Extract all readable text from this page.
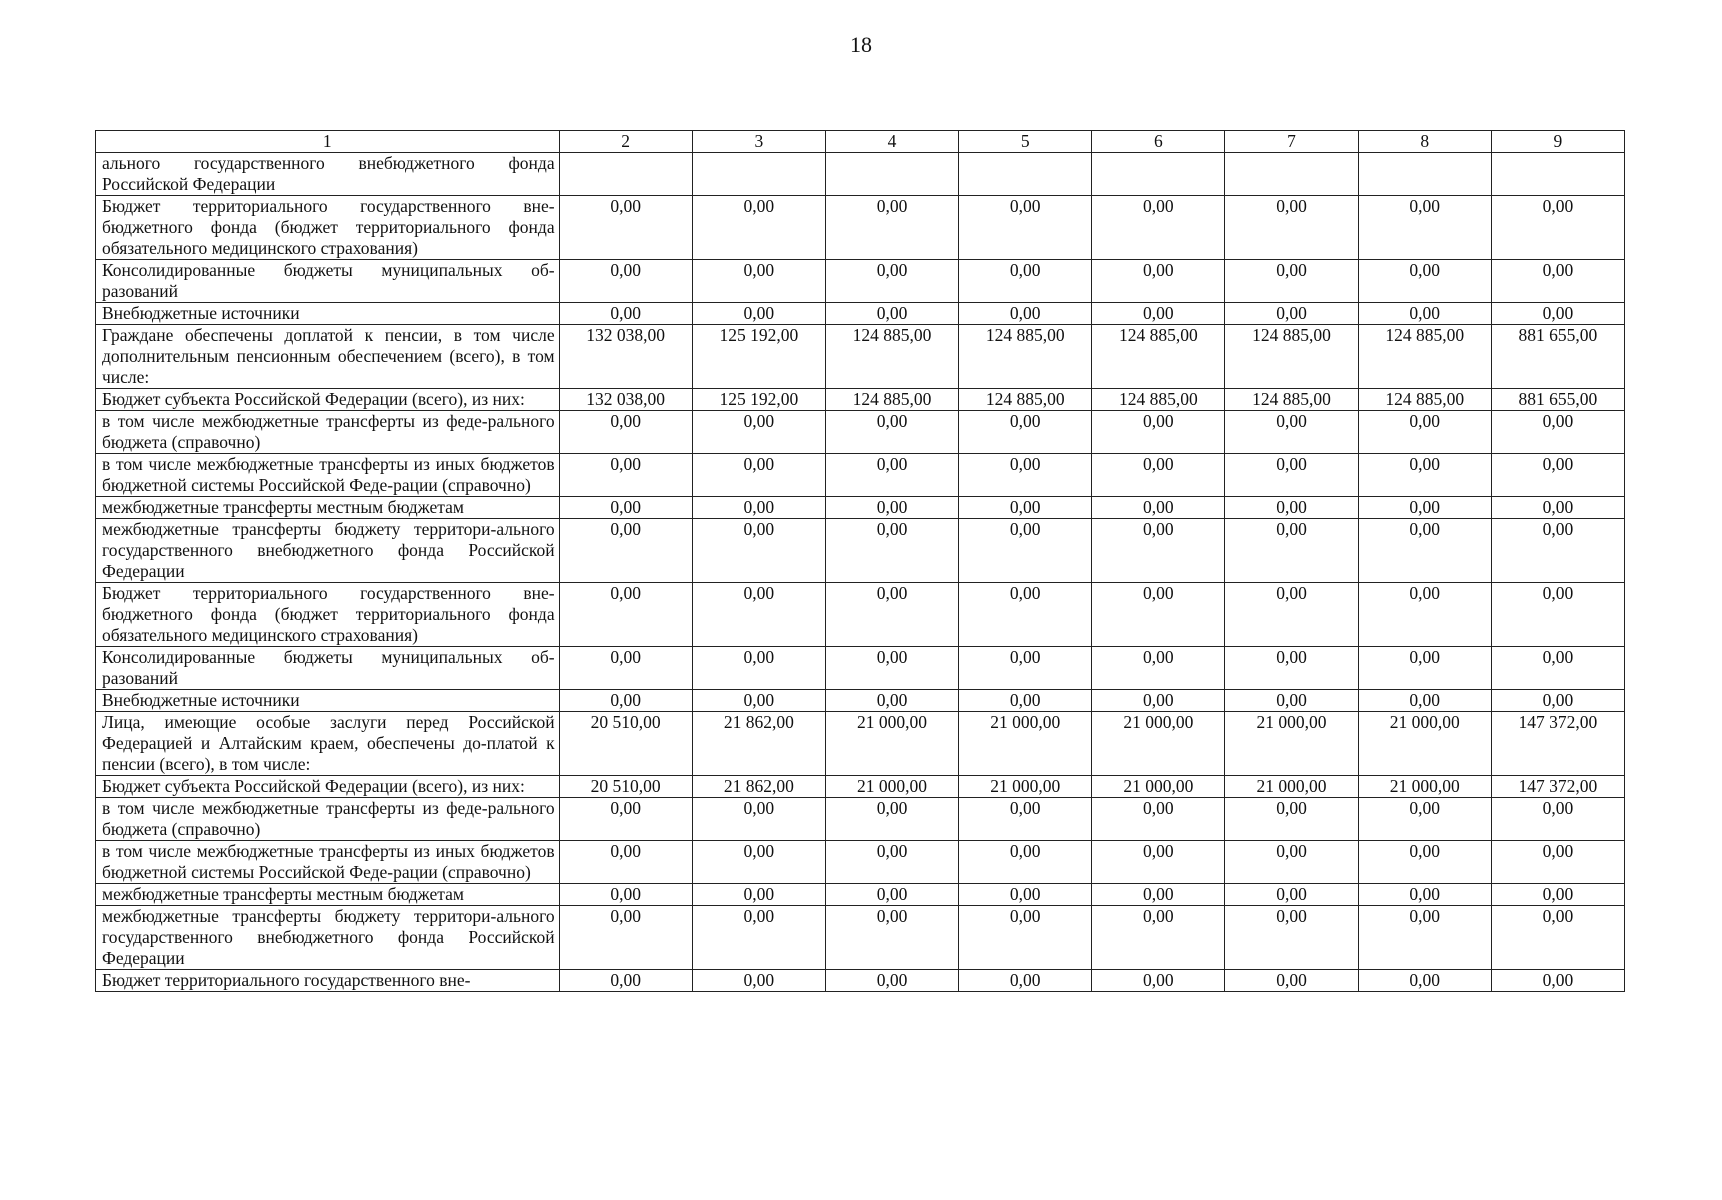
18
1	2	3	4	5	6	7	8	9
ального государственного внебюджетного фонда Российской Федерации								
Бюджет территориального государственного вне-бюджетного фонда (бюджет территориального фонда обязательного медицинского страхования)	0,00	0,00	0,00	0,00	0,00	0,00	0,00	0,00
Консолидированные бюджеты муниципальных об-разований	0,00	0,00	0,00	0,00	0,00	0,00	0,00	0,00
Внебюджетные источники	0,00	0,00	0,00	0,00	0,00	0,00	0,00	0,00
Граждане обеспечены доплатой к пенсии, в том числе дополнительным пенсионным обеспечением (всего), в том числе:	132 038,00	125 192,00	124 885,00	124 885,00	124 885,00	124 885,00	124 885,00	881 655,00
Бюджет субъекта Российской Федерации (всего), из них:	132 038,00	125 192,00	124 885,00	124 885,00	124 885,00	124 885,00	124 885,00	881 655,00
в том числе межбюджетные трансферты из феде-рального бюджета (справочно)	0,00	0,00	0,00	0,00	0,00	0,00	0,00	0,00
в том числе межбюджетные трансферты из иных бюджетов бюджетной системы Российской Феде-рации (справочно)	0,00	0,00	0,00	0,00	0,00	0,00	0,00	0,00
межбюджетные трансферты местным бюджетам	0,00	0,00	0,00	0,00	0,00	0,00	0,00	0,00
межбюджетные трансферты бюджету территори-ального государственного внебюджетного фонда Российской Федерации	0,00	0,00	0,00	0,00	0,00	0,00	0,00	0,00
Бюджет территориального государственного вне-бюджетного фонда (бюджет территориального фонда обязательного медицинского страхования)	0,00	0,00	0,00	0,00	0,00	0,00	0,00	0,00
Консолидированные бюджеты муниципальных об-разований	0,00	0,00	0,00	0,00	0,00	0,00	0,00	0,00
Внебюджетные источники	0,00	0,00	0,00	0,00	0,00	0,00	0,00	0,00
Лица, имеющие особые заслуги перед Российской Федерацией и Алтайским краем, обеспечены до-платой к пенсии (всего), в том числе:	20 510,00	21 862,00	21 000,00	21 000,00	21 000,00	21 000,00	21 000,00	147 372,00
Бюджет субъекта Российской Федерации (всего), из них:	20 510,00	21 862,00	21 000,00	21 000,00	21 000,00	21 000,00	21 000,00	147 372,00
в том числе межбюджетные трансферты из феде-рального бюджета (справочно)	0,00	0,00	0,00	0,00	0,00	0,00	0,00	0,00
в том числе межбюджетные трансферты из иных бюджетов бюджетной системы Российской Феде-рации (справочно)	0,00	0,00	0,00	0,00	0,00	0,00	0,00	0,00
межбюджетные трансферты местным бюджетам	0,00	0,00	0,00	0,00	0,00	0,00	0,00	0,00
межбюджетные трансферты бюджету территори-ального государственного внебюджетного фонда Российской Федерации	0,00	0,00	0,00	0,00	0,00	0,00	0,00	0,00
Бюджет территориального государственного вне-	0,00	0,00	0,00	0,00	0,00	0,00	0,00	0,00
